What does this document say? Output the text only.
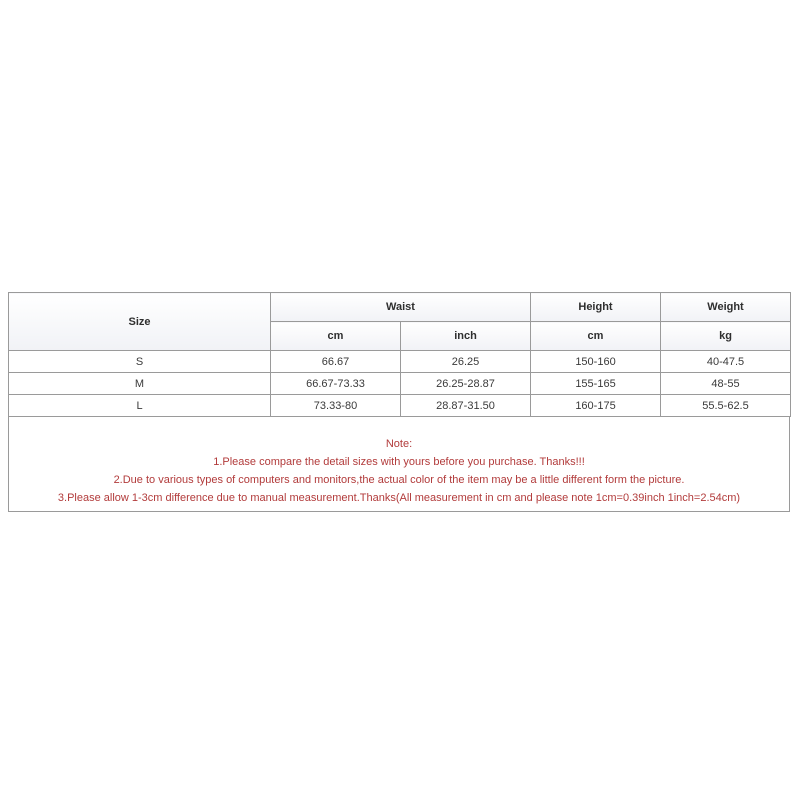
Size	Waist		Height	Weight
	cm	inch	cm	kg
S	66.67	26.25	150-160	40-47.5
M	66.67-73.33	26.25-28.87	155-165	48-55
L	73.33-80	28.87-31.50	160-175	55.5-62.5
Note:
1.Please compare the detail sizes with yours before you purchase. Thanks!!!
2.Due to various types of computers and monitors,the actual color of the item may be a little different form the picture.
3.Please allow 1-3cm difference due to manual measurement.Thanks(All measurement in cm and please note 1cm=0.39inch 1inch=2.54cm)
